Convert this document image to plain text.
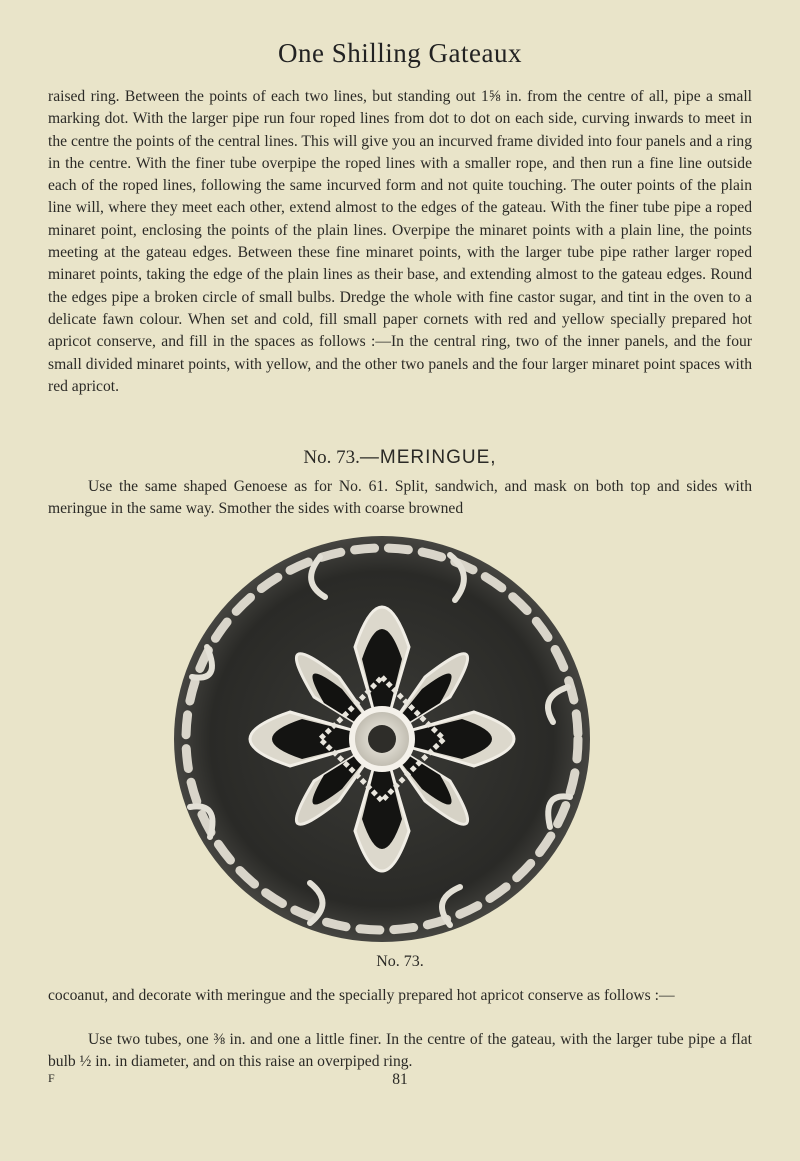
One Shilling Gateaux

raised ring. Between the points of each two lines, but standing out 1⅝ in. from the centre of all, pipe a small marking dot. With the larger pipe run four roped lines from dot to dot on each side, curving inwards to meet in the centre the points of the central lines. This will give you an incurved frame divided into four panels and a ring in the centre. With the finer tube overpipe the roped lines with a smaller rope, and then run a fine line outside each of the roped lines, following the same incurved form and not quite touching. The outer points of the plain line will, where they meet each other, extend almost to the edges of the gateau. With the finer tube pipe a roped minaret point, enclosing the points of the plain lines. Overpipe the minaret points with a plain line, the points meeting at the gateau edges. Between these fine minaret points, with the larger tube pipe rather larger roped minaret points, taking the edge of the plain lines as their base, and extending almost to the gateau edges. Round the edges pipe a broken circle of small bulbs. Dredge the whole with fine castor sugar, and tint in the oven to a delicate fawn colour. When set and cold, fill small paper cornets with red and yellow specially prepared hot apricot conserve, and fill in the spaces as follows :—In the central ring, two of the inner panels, and the four small divided minaret points, with yellow, and the other two panels and the four larger minaret point spaces with red apricot.

No. 73.—MERINGUE,

Use the same shaped Genoese as for No. 61. Split, sandwich, and mask on both top and sides with meringue in the same way. Smother the sides with coarse browned

No. 73.

cocoanut, and decorate with meringue and the specially prepared hot apricot conserve as follows :—

Use two tubes, one ⅜ in. and one a little finer. In the centre of the gateau, with the larger tube pipe a flat bulb ½ in. in diameter, and on this raise an overpiped ring.

F	81
